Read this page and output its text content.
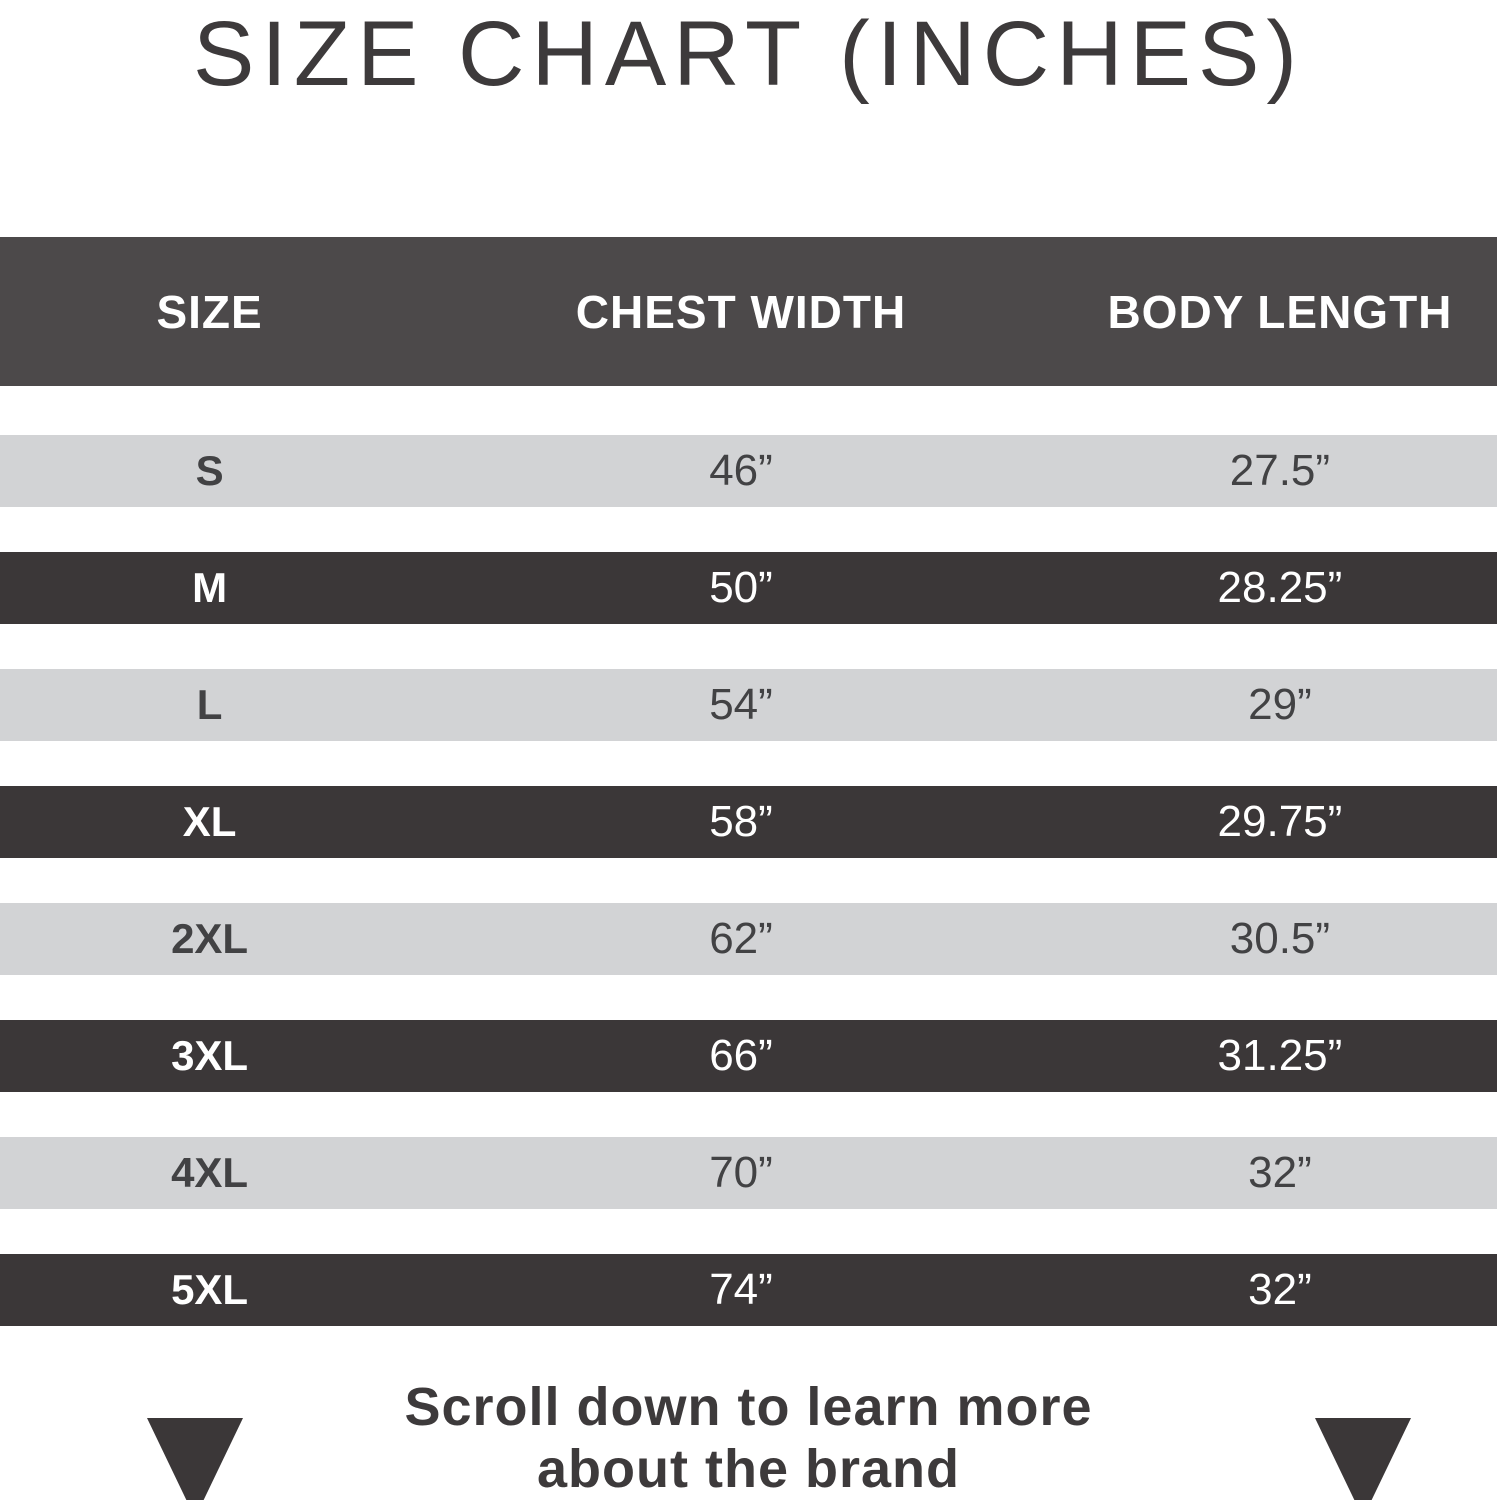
SIZE CHART (INCHES)
SIZE	CHEST WIDTH	BODY LENGTH
S	46”	27.5”
M	50”	28.25”
L	54”	29”
XL	58”	29.75”
2XL	62”	30.5”
3XL	66”	31.25”
4XL	70”	32”
5XL	74”	32”
Scroll down to learn more
about the brand
